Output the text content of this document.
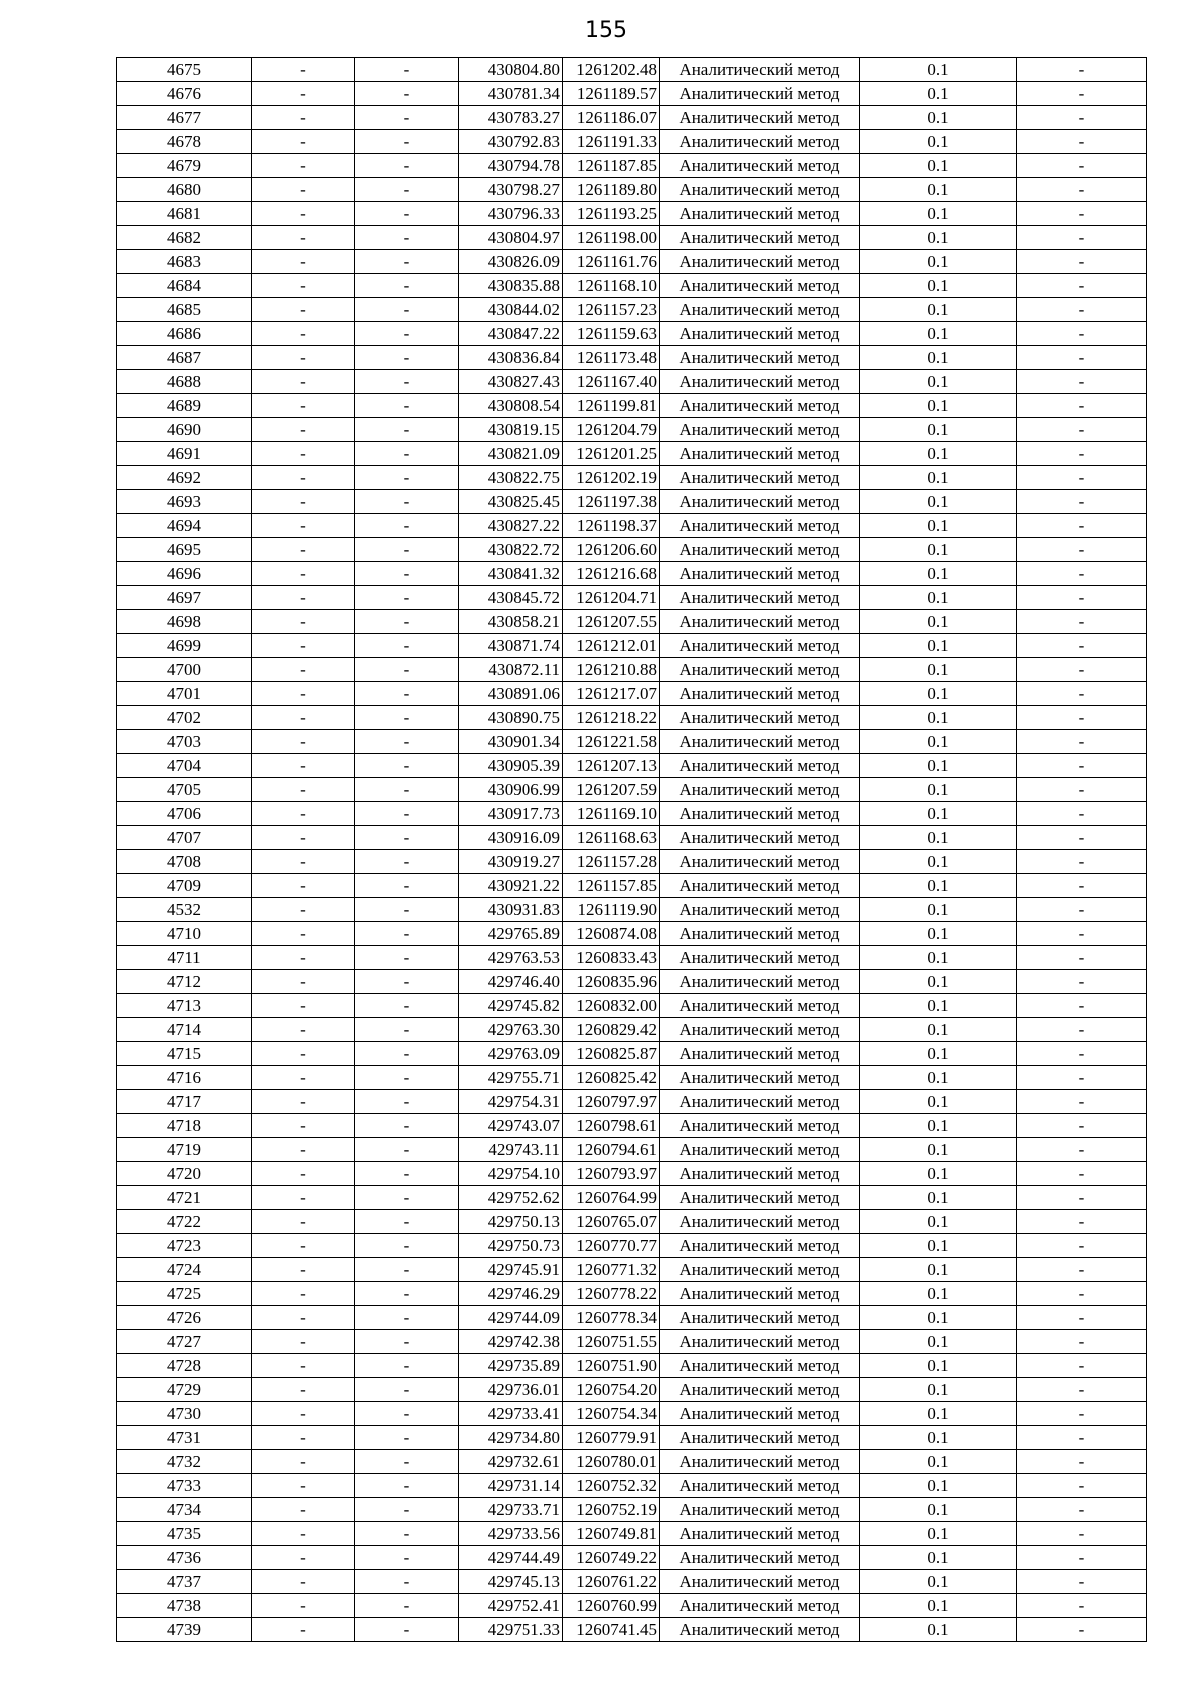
155
4675	-	-	430804.80	1261202.48	Аналитический метод	0.1	-
4676	-	-	430781.34	1261189.57	Аналитический метод	0.1	-
4677	-	-	430783.27	1261186.07	Аналитический метод	0.1	-
4678	-	-	430792.83	1261191.33	Аналитический метод	0.1	-
4679	-	-	430794.78	1261187.85	Аналитический метод	0.1	-
4680	-	-	430798.27	1261189.80	Аналитический метод	0.1	-
4681	-	-	430796.33	1261193.25	Аналитический метод	0.1	-
4682	-	-	430804.97	1261198.00	Аналитический метод	0.1	-
4683	-	-	430826.09	1261161.76	Аналитический метод	0.1	-
4684	-	-	430835.88	1261168.10	Аналитический метод	0.1	-
4685	-	-	430844.02	1261157.23	Аналитический метод	0.1	-
4686	-	-	430847.22	1261159.63	Аналитический метод	0.1	-
4687	-	-	430836.84	1261173.48	Аналитический метод	0.1	-
4688	-	-	430827.43	1261167.40	Аналитический метод	0.1	-
4689	-	-	430808.54	1261199.81	Аналитический метод	0.1	-
4690	-	-	430819.15	1261204.79	Аналитический метод	0.1	-
4691	-	-	430821.09	1261201.25	Аналитический метод	0.1	-
4692	-	-	430822.75	1261202.19	Аналитический метод	0.1	-
4693	-	-	430825.45	1261197.38	Аналитический метод	0.1	-
4694	-	-	430827.22	1261198.37	Аналитический метод	0.1	-
4695	-	-	430822.72	1261206.60	Аналитический метод	0.1	-
4696	-	-	430841.32	1261216.68	Аналитический метод	0.1	-
4697	-	-	430845.72	1261204.71	Аналитический метод	0.1	-
4698	-	-	430858.21	1261207.55	Аналитический метод	0.1	-
4699	-	-	430871.74	1261212.01	Аналитический метод	0.1	-
4700	-	-	430872.11	1261210.88	Аналитический метод	0.1	-
4701	-	-	430891.06	1261217.07	Аналитический метод	0.1	-
4702	-	-	430890.75	1261218.22	Аналитический метод	0.1	-
4703	-	-	430901.34	1261221.58	Аналитический метод	0.1	-
4704	-	-	430905.39	1261207.13	Аналитический метод	0.1	-
4705	-	-	430906.99	1261207.59	Аналитический метод	0.1	-
4706	-	-	430917.73	1261169.10	Аналитический метод	0.1	-
4707	-	-	430916.09	1261168.63	Аналитический метод	0.1	-
4708	-	-	430919.27	1261157.28	Аналитический метод	0.1	-
4709	-	-	430921.22	1261157.85	Аналитический метод	0.1	-
4532	-	-	430931.83	1261119.90	Аналитический метод	0.1	-
4710	-	-	429765.89	1260874.08	Аналитический метод	0.1	-
4711	-	-	429763.53	1260833.43	Аналитический метод	0.1	-
4712	-	-	429746.40	1260835.96	Аналитический метод	0.1	-
4713	-	-	429745.82	1260832.00	Аналитический метод	0.1	-
4714	-	-	429763.30	1260829.42	Аналитический метод	0.1	-
4715	-	-	429763.09	1260825.87	Аналитический метод	0.1	-
4716	-	-	429755.71	1260825.42	Аналитический метод	0.1	-
4717	-	-	429754.31	1260797.97	Аналитический метод	0.1	-
4718	-	-	429743.07	1260798.61	Аналитический метод	0.1	-
4719	-	-	429743.11	1260794.61	Аналитический метод	0.1	-
4720	-	-	429754.10	1260793.97	Аналитический метод	0.1	-
4721	-	-	429752.62	1260764.99	Аналитический метод	0.1	-
4722	-	-	429750.13	1260765.07	Аналитический метод	0.1	-
4723	-	-	429750.73	1260770.77	Аналитический метод	0.1	-
4724	-	-	429745.91	1260771.32	Аналитический метод	0.1	-
4725	-	-	429746.29	1260778.22	Аналитический метод	0.1	-
4726	-	-	429744.09	1260778.34	Аналитический метод	0.1	-
4727	-	-	429742.38	1260751.55	Аналитический метод	0.1	-
4728	-	-	429735.89	1260751.90	Аналитический метод	0.1	-
4729	-	-	429736.01	1260754.20	Аналитический метод	0.1	-
4730	-	-	429733.41	1260754.34	Аналитический метод	0.1	-
4731	-	-	429734.80	1260779.91	Аналитический метод	0.1	-
4732	-	-	429732.61	1260780.01	Аналитический метод	0.1	-
4733	-	-	429731.14	1260752.32	Аналитический метод	0.1	-
4734	-	-	429733.71	1260752.19	Аналитический метод	0.1	-
4735	-	-	429733.56	1260749.81	Аналитический метод	0.1	-
4736	-	-	429744.49	1260749.22	Аналитический метод	0.1	-
4737	-	-	429745.13	1260761.22	Аналитический метод	0.1	-
4738	-	-	429752.41	1260760.99	Аналитический метод	0.1	-
4739	-	-	429751.33	1260741.45	Аналитический метод	0.1	-
